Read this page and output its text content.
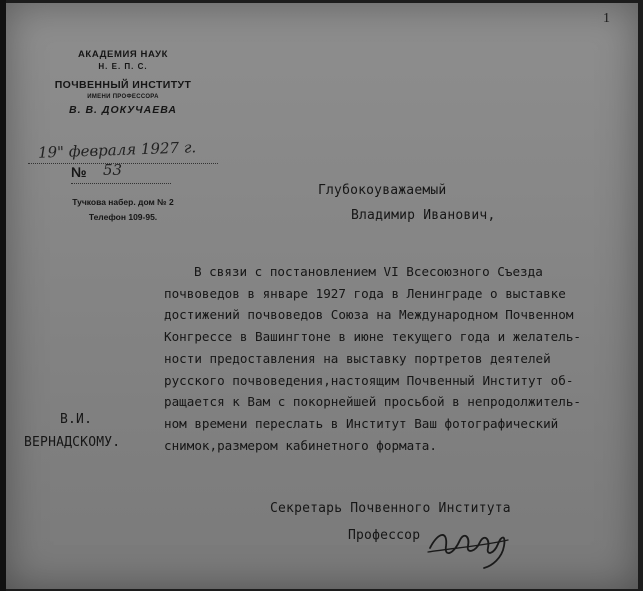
1
АКАДЕМИЯ НАУК
Н. Е. П. С.
ПОЧВЕННЫЙ ИНСТИТУТ
ИМЕНИ ПРОФЕССОРА
В. В. ДОКУЧАЕВА
19" февраля 1927 г.
№ 53
Тучкова набер. дом № 2
Телефон 109-95.
Глубокоуважаемый
Владимир Иванович,
В связи с постановлением VI Всесоюзного Съезда
почвоведов в январе 1927 года в Ленинграде о выставке
достижений почвоведов Союза на Международном Почвенном
Конгрессе в Вашингтоне в июне текущего года и желатель-
ности предоставления на выставку портретов деятелей
русского почвоведения,настоящим Почвенный Институт об-
ращается к Вам с покорнейшей просьбой в непродолжитель-
ном времени переслать в Институт Ваш фотографический
снимок,размером кабинетного формата.
В.И.
ВЕРНАДСКОМУ.
Секретарь Почвенного Института
Профессор
